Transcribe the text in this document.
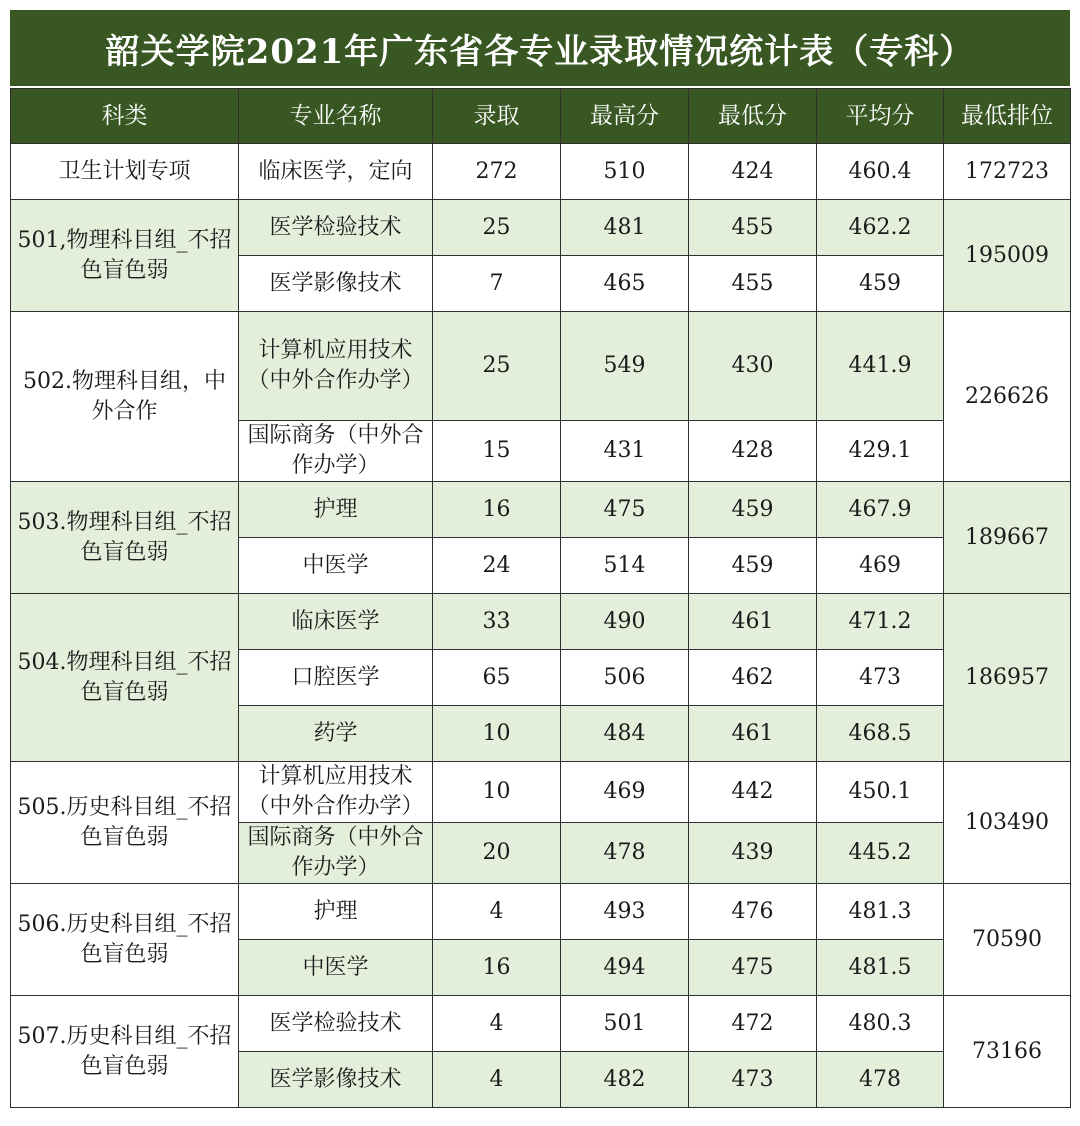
韶关学院2021年广东省各专业录取情况统计表（专科）
科类	专业名称	录取	最高分	最低分	平均分	最低排位
卫生计划专项	临床医学，定向	272	510	424	460.4	172723
501,物理科目组_不招色盲色弱	医学检验技术	25	481	455	462.2	195009
	医学影像技术	7	465	455	459	
502.物理科目组，中外合作	计算机应用技术（中外合作办学）	25	549	430	441.9	226626
	国际商务（中外合作办学）	15	431	428	429.1	
503.物理科目组_不招色盲色弱	护理	16	475	459	467.9	189667
	中医学	24	514	459	469	
504.物理科目组_不招色盲色弱	临床医学	33	490	461	471.2	186957
	口腔医学	65	506	462	473	
	药学	10	484	461	468.5	
505.历史科目组_不招色盲色弱	计算机应用技术（中外合作办学）	10	469	442	450.1	103490
	国际商务（中外合作办学）	20	478	439	445.2	
506.历史科目组_不招色盲色弱	护理	4	493	476	481.3	70590
	中医学	16	494	475	481.5	
507.历史科目组_不招色盲色弱	医学检验技术	4	501	472	480.3	73166
	医学影像技术	4	482	473	478	
